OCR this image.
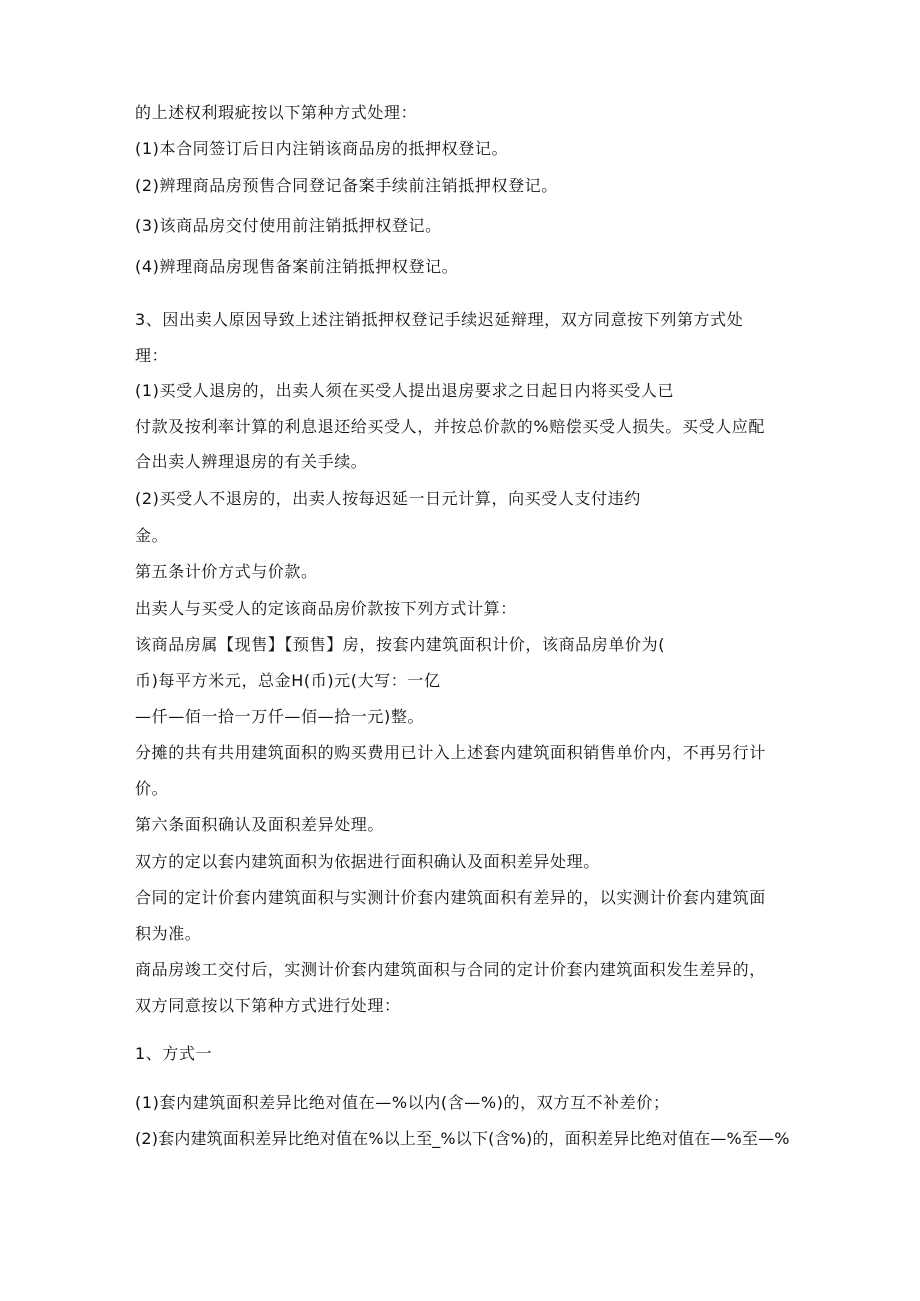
的上述权利瑕疵按以下第种方式处理：
(1)本合同签订后日内注销该商品房的抵押权登记。
(2)辨理商品房预售合同登记备案手续前注销抵押权登记。
(3)该商品房交付使用前注销抵押权登记。
(4)辨理商品房现售备案前注销抵押权登记。
3、因出卖人原因导致上述注销抵押权登记手续迟延辩理，双方同意按下列第方式处
理：
(1)买受人退房的，出卖人须在买受人提出退房要求之日起日内将买受人已
付款及按利率计算的利息退还给买受人，并按总价款的%赔偿买受人损失。买受人应配
合出卖人辨理退房的有关手续。
(2)买受人不退房的，出卖人按每迟延一日元计算，向买受人支付违约
金。
第五条计价方式与价款。
出卖人与买受人的定该商品房价款按下列方式计算：
该商品房属【现售】【预售】房，按套内建筑面积计价，该商品房单价为(
币)每平方米元，总金H(币)元(大写：一亿
—仟—佰一拾一万仟—佰—拾一元)整。
分摊的共有共用建筑面积的购买费用已计入上述套内建筑面积销售单价内，不再另行计
价。
第六条面积确认及面积差异处理。
双方的定以套内建筑面积为依据进行面积确认及面积差异处理。
合同的定计价套内建筑面积与实测计价套内建筑面积有差异的，以实测计价套内建筑面
积为准。
商品房竣工交付后，实测计价套内建筑面积与合同的定计价套内建筑面积发生差异的，
双方同意按以下第种方式进行处理：
1、方式一
(1)套内建筑面积差异比绝对值在—%以内(含—%)的，双方互不补差价；
(2)套内建筑面积差异比绝对值在%以上至_%以下(含%)的，面积差异比绝对值在—%至—%
